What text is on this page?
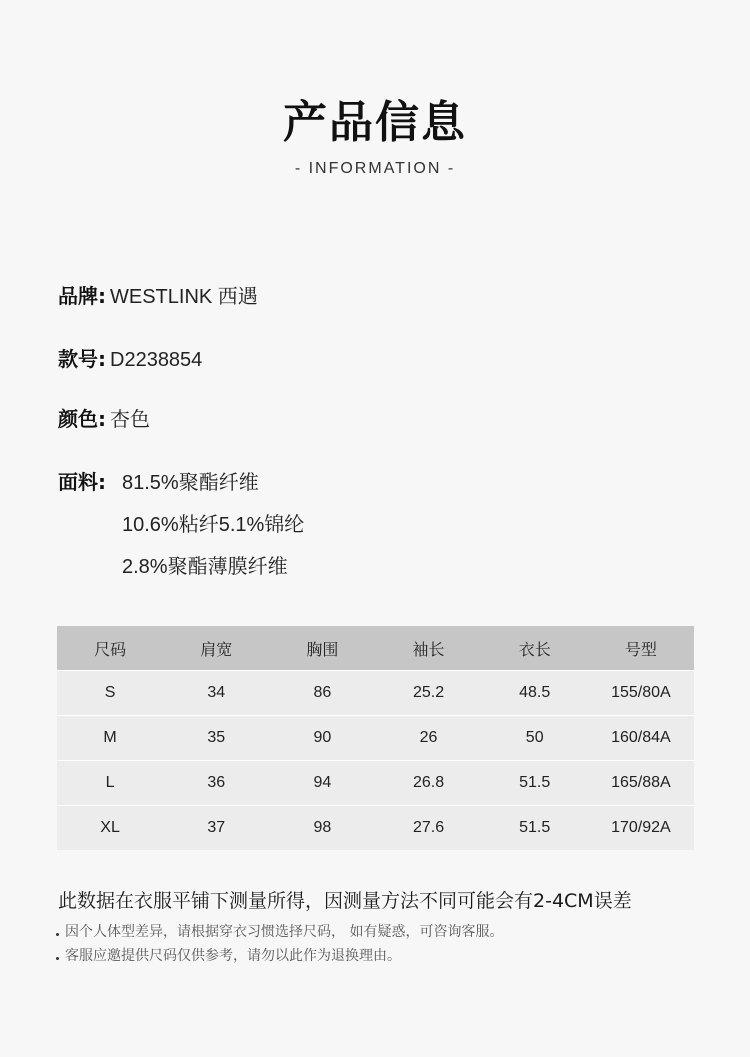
产品信息
- INFORMATION -
品牌: WESTLINK 西遇
款号: D2238854
颜色: 杏色
面料: 81.5%聚酯纤维
10.6%粘纤5.1%锦纶
2.8%聚酯薄膜纤维
尺码	肩宽	胸围	袖长	衣长	号型
S	34	86	25.2	48.5	155/80A
M	35	90	26	50	160/84A
L	36	94	26.8	51.5	165/88A
XL	37	98	27.6	51.5	170/92A
此数据在衣服平铺下测量所得，因测量方法不同可能会有2-4CM误差
因个人体型差异，请根据穿衣习惯选择尺码， 如有疑惑，可咨询客服。
客服应邀提供尺码仅供参考，请勿以此作为退换理由。
